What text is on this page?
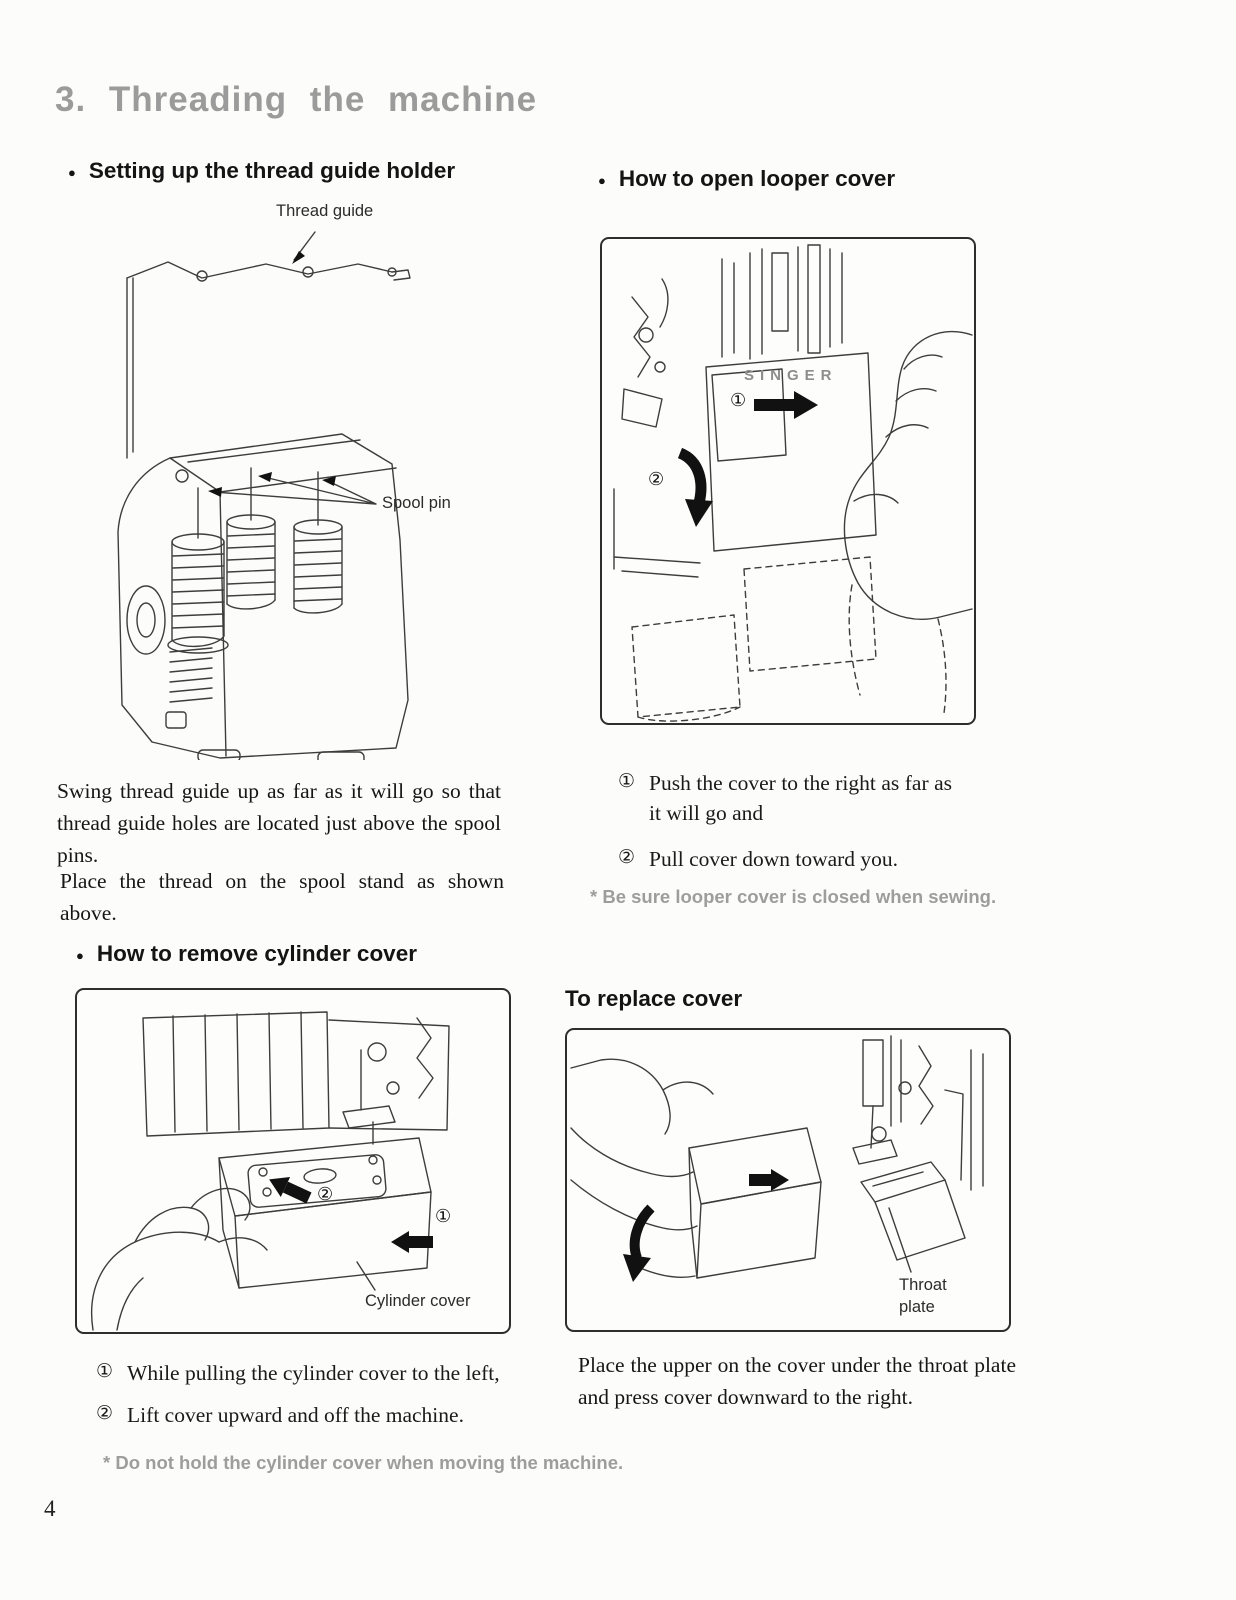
3. Threading the machine
● Setting up the thread guide holder
Thread guide
Spool pin
Swing thread guide up as far as it will go so that thread guide holes are located just above the spool pins.
Place the thread on the spool stand as shown above.
● How to open looper cover
SINGER
①
②
① Push the cover to the right as far as it will go and
② Pull cover down toward you.
* Be sure looper cover is closed when sewing.
● How to remove cylinder cover
②
①
Cylinder cover
① While pulling the cylinder cover to the left,
② Lift cover upward and off the machine.
* Do not hold the cylinder cover when moving the machine.
To replace cover
Throat
plate
Place the upper on the cover under the throat plate and press cover downward to the right.
4
